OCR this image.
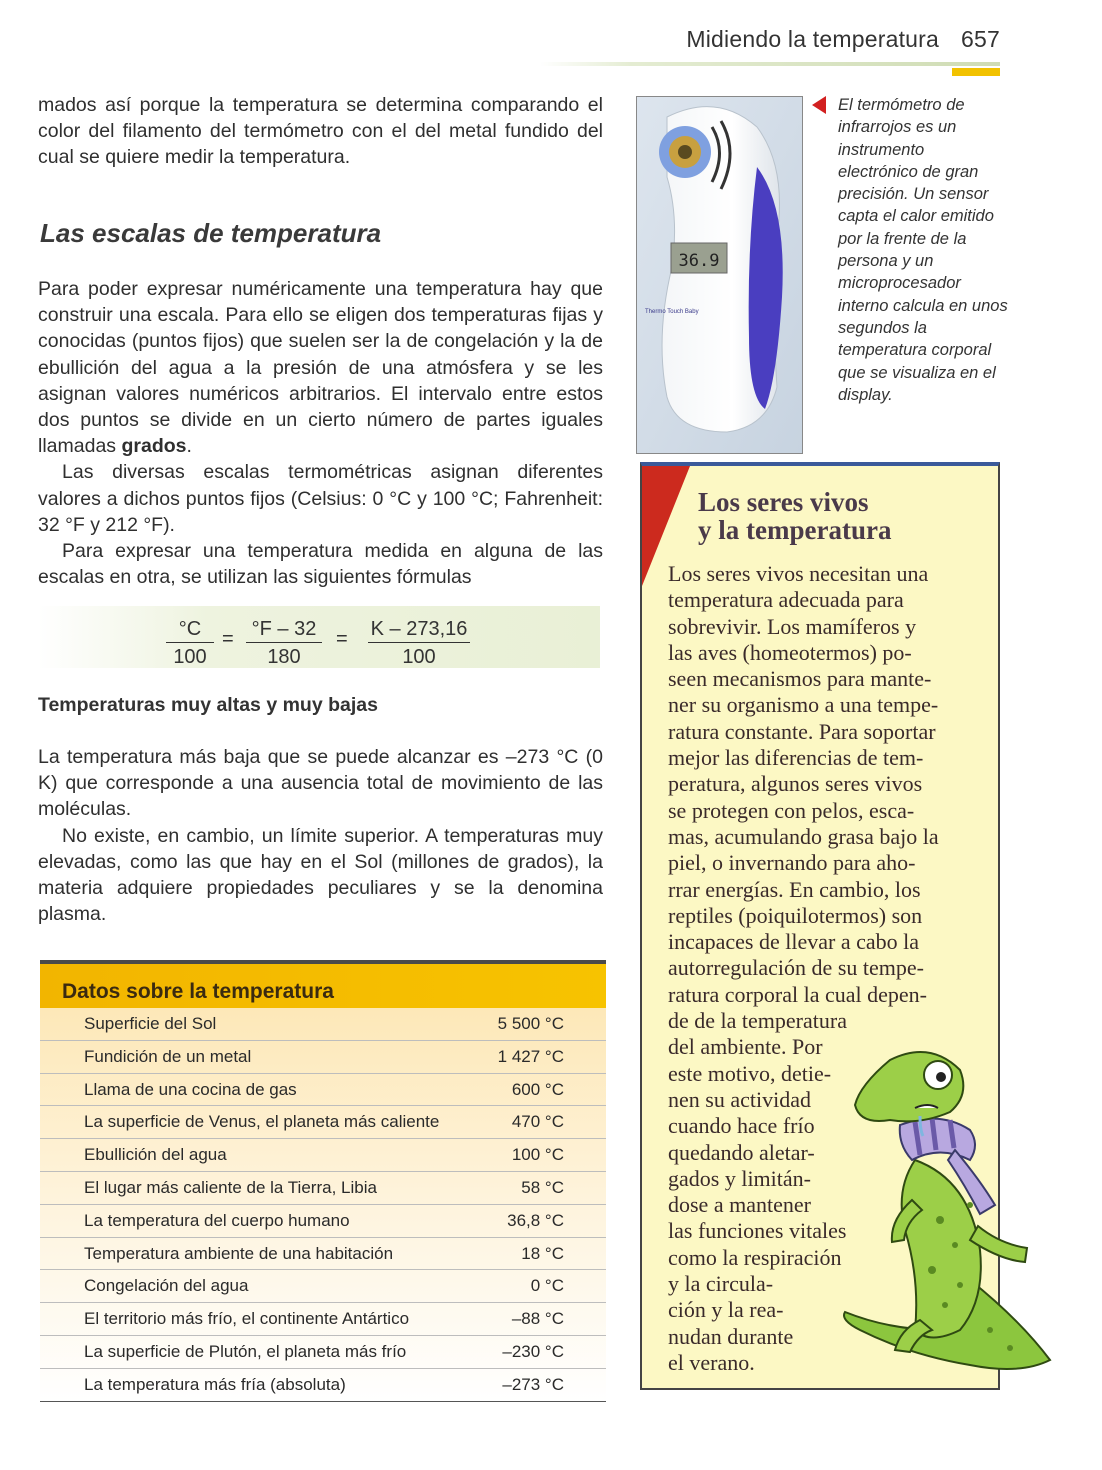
Midiendo la temperatura 657

mados así porque la temperatura se determina comparando el color del filamento del termómetro con el del metal fundido del cual se quiere medir la temperatura.

Las escalas de temperatura

Para poder expresar numéricamente una temperatura hay que construir una escala. Para ello se eligen dos temperaturas fijas y conocidas (puntos fijos) que suelen ser la de congelación y la de ebullición del agua a la presión de una atmósfera y se les asignan valores numéricos arbitrarios. El intervalo entre estos dos puntos se divide en un cierto número de partes iguales llamadas grados.

Las diversas escalas termométricas asignan diferentes valores a dichos puntos fijos (Celsius: 0 °C y 100 °C; Fahrenheit: 32 °F y 212 °F).

Para expresar una temperatura medida en alguna de las escalas en otra, se utilizan las siguientes fórmulas

$\frac{^\circ C}{100} = \frac{^\circ F - 32}{180} = \frac{K - 273,16}{100}$
Temperaturas muy altas y muy bajas

La temperatura más baja que se puede alcanzar es –273 °C (0 K) que corresponde a una ausencia total de movimiento de las moléculas.

No existe, en cambio, un límite superior. A temperaturas muy elevadas, como las que hay en el Sol (millones de grados), la materia adquiere propiedades peculiares y se la denomina plasma.

Datos sobre la temperatura
Superficie del Sol	5 500 °C
Fundición de un metal	1 427 °C
Llama de una cocina de gas	600 °C
La superficie de Venus, el planeta más caliente	470 °C
Ebullición del agua	100 °C
El lugar más caliente de la Tierra, Libia	58 °C
La temperatura del cuerpo humano	36,8 °C
Temperatura ambiente de una habitación	18 °C
Congelación del agua	0 °C
El territorio más frío, el continente Antártico	–88 °C
La superficie de Plutón, el planeta más frío	–230 °C
La temperatura más fría (absoluta)	–273 °C
36.9
Thermo Touch Baby
El termómetro de infrarrojos es un instrumento electrónico de gran precisión. Un sensor capta el calor emitido por la frente de la persona y un microprocesador interno calcula en unos segundos la temperatura corporal que se visualiza en el display.
Los seres vivos
y la temperatura
Los seres vivos necesitan una
temperatura adecuada para
sobrevivir. Los mamíferos y
las aves (homeotermos) po-
seen mecanismos para mante-
ner su organismo a una tempe-
ratura constante. Para soportar
mejor las diferencias de tem-
peratura, algunos seres vivos
se protegen con pelos, esca-
mas, acumulando grasa bajo la
piel, o invernando para aho-
rrar energías. En cambio, los
reptiles (poiquilotermos) son
incapaces de llevar a cabo la
autorregulación de su tempe-
ratura corporal la cual depen-
de de la temperatura
del ambiente. Por
este motivo, detie-
nen su actividad
cuando hace frío
quedando aletar-
gados y limitán-
dose a mantener
las funciones vitales
como la respiración
y la circula-
ción y la rea-
nudan durante
el verano.
